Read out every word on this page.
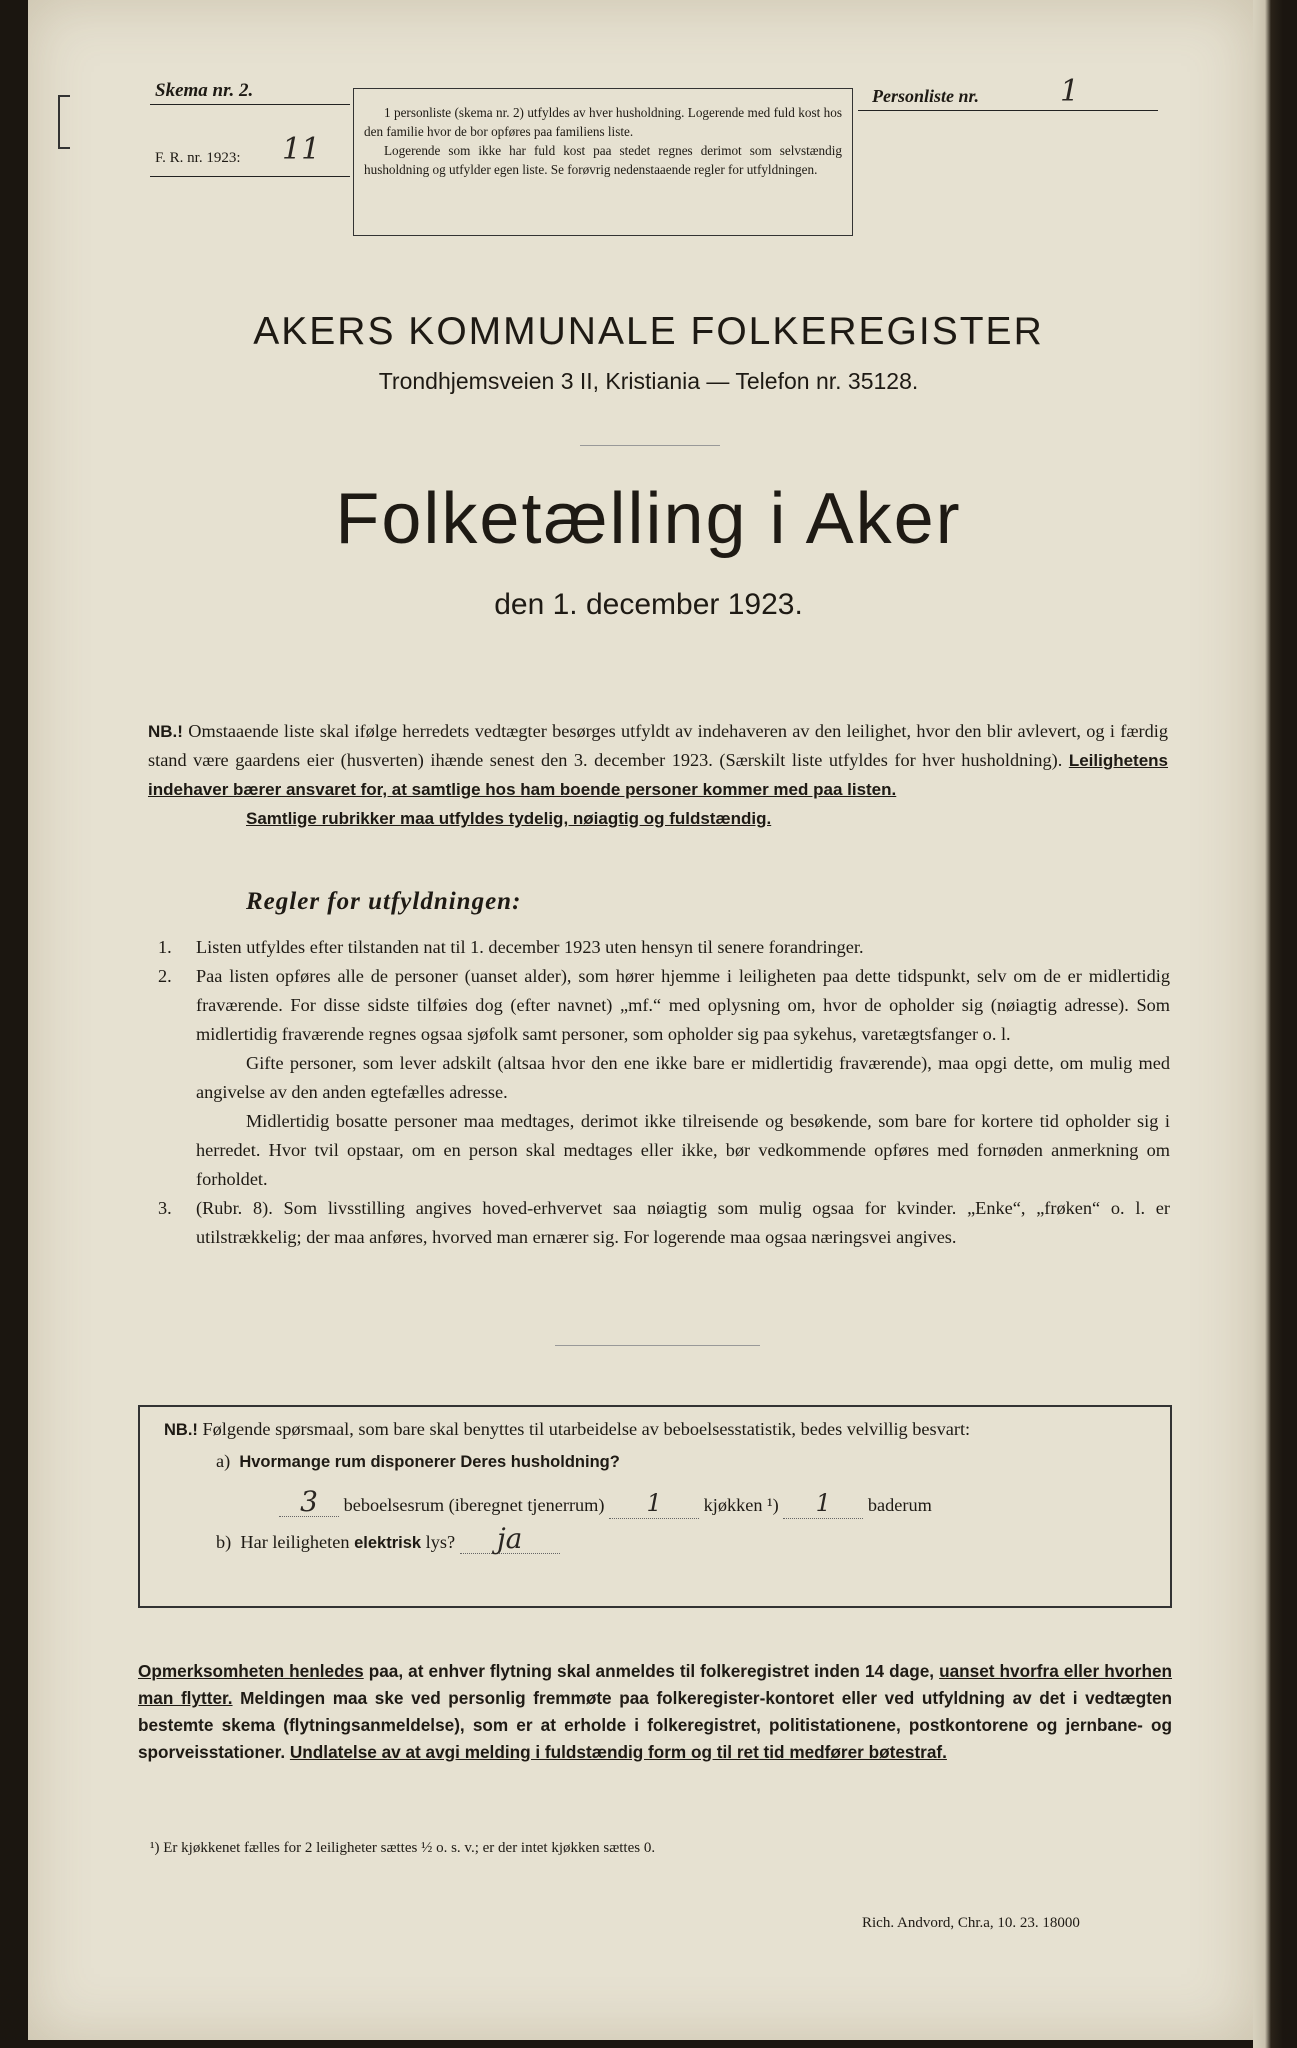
Skema nr. 2.
F. R. nr. 1923: 11

1 personliste (skema nr. 2) utfyldes av hver husholdning. Logerende med fuld kost hos den familie hvor de bor opføres paa familiens liste.

Logerende som ikke har fuld kost paa stedet regnes derimot som selvstændig husholdning og utfylder egen liste. Se forøvrig nedenstaaende regler for utfyldningen.

Personliste nr.	1
AKERS KOMMUNALE FOLKEREGISTER
Trondhjemsveien 3 II, Kristiania — Telefon nr. 35128.
Folketælling i Aker
den 1. december 1923.
NB.! Omstaaende liste skal ifølge herredets vedtægter besørges utfyldt av indehaveren av den leilighet, hvor den blir avlevert, og i færdig stand være gaardens eier (husverten) ihænde senest den 3. december 1923. (Særskilt liste utfyldes for hver husholdning). Leilighetens indehaver bærer ansvaret for, at samtlige hos ham boende personer kommer med paa listen.
Samtlige rubrikker maa utfyldes tydelig, nøiagtig og fuldstændig.
Regler for utfyldningen:
1. Listen utfyldes efter tilstanden nat til 1. december 1923 uten hensyn til senere forandringer.

2. Paa listen opføres alle de personer (uanset alder), som hører hjemme i leiligheten paa dette tidspunkt, selv om de er midlertidig fraværende. For disse sidste tilføies dog (efter navnet) „mf.“ med oplysning om, hvor de opholder sig (nøiagtig adresse). Som midlertidig fraværende regnes ogsaa sjøfolk samt personer, som opholder sig paa sykehus, varetægtsfanger o. l.

Gifte personer, som lever adskilt (altsaa hvor den ene ikke bare er midlertidig fraværende), maa opgi dette, om mulig med angivelse av den anden egtefælles adresse.

Midlertidig bosatte personer maa medtages, derimot ikke tilreisende og besøkende, som bare for kortere tid opholder sig i herredet. Hvor tvil opstaar, om en person skal medtages eller ikke, bør vedkommende opføres med fornøden anmerkning om forholdet.

3. (Rubr. 8). Som livsstilling angives hoved-erhvervet saa nøiagtig som mulig ogsaa for kvinder. „Enke“, „frøken“ o. l. er utilstrækkelig; der maa anføres, hvorved man ernærer sig. For logerende maa ogsaa næringsvei angives.

NB.! Følgende spørsmaal, som bare skal benyttes til utarbeidelse av beboelsesstatistik, bedes velvillig besvart:
a) Hvormange rum disponerer Deres husholdning?
3 beboelsesrum (iberegnet tjenerrum) 1 kjøkken ¹) 1 baderum
b) Har leiligheten elektrisk lys? ja
Opmerksomheten henledes paa, at enhver flytning skal anmeldes til folkeregistret inden 14 dage, uanset hvorfra eller hvorhen man flytter. Meldingen maa ske ved personlig fremmøte paa folkeregister-kontoret eller ved utfyldning av det i vedtægten bestemte skema (flytningsanmeldelse), som er at erholde i folkeregistret, politistationene, postkontorene og jernbane- og sporveisstationer. Undlatelse av at avgi melding i fuldstændig form og til ret tid medfører bøtestraf.
¹) Er kjøkkenet fælles for 2 leiligheter sættes ½ o. s. v.; er der intet kjøkken sættes 0.
Rich. Andvord, Chr.a, 10. 23. 18000
